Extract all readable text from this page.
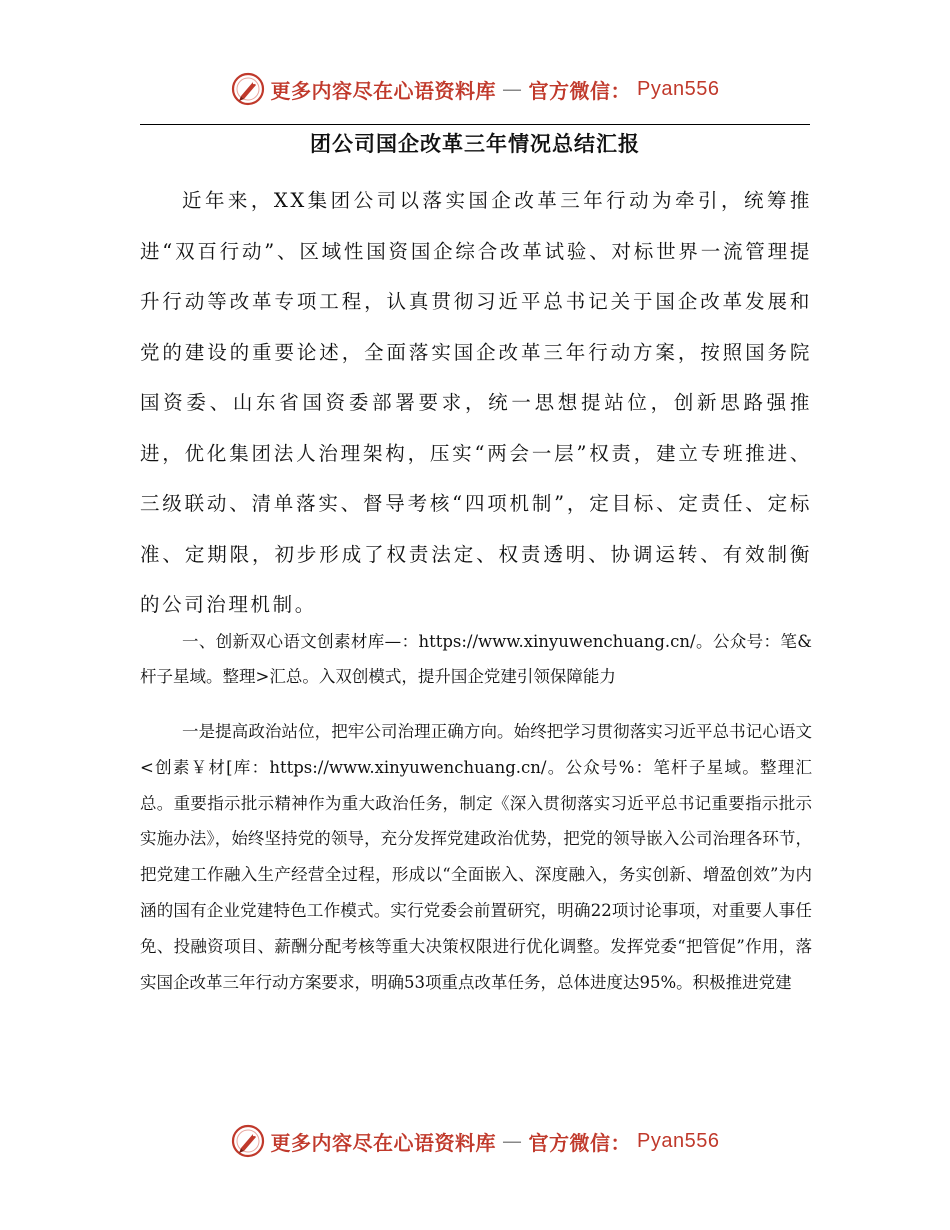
更多内容尽在心语资料库 — 官方微信： Pyan556
团公司国企改革三年情况总结汇报

近年来，XX集团公司以落实国企改革三年行动为牵引，统筹推进“双百行动”、区域性国资国企综合改革试验、对标世界一流管理提升行动等改革专项工程，认真贯彻习近平总书记关于国企改革发展和党的建设的重要论述，全面落实国企改革三年行动方案，按照国务院国资委、山东省国资委部署要求，统一思想提站位，创新思路强推进，优化集团法人治理架构，压实“两会一层”权责，建立专班推进、三级联动、清单落实、督导考核“四项机制”，定目标、定责任、定标准、定期限，初步形成了权责法定、权责透明、协调运转、有效制衡的公司治理机制。

一、创新双心语文创素材库—：https://www.xinyuwenchuang.cn/。公众号：笔&杆子星域。整理>汇总。入双创模式，提升国企党建引领保障能力

一是提高政治站位，把牢公司治理正确方向。始终把学习贯彻落实习近平总书记心语文<创素￥材[库：https://www.xinyuwenchuang.cn/。公众号%：笔杆子星域。整理汇总。重要指示批示精神作为重大政治任务，制定《深入贯彻落实习近平总书记重要指示批示实施办法》，始终坚持党的领导，充分发挥党建政治优势，把党的领导嵌入公司治理各环节，把党建工作融入生产经营全过程，形成以“全面嵌入、深度融入，务实创新、增盈创效”为内涵的国有企业党建特色工作模式。实行党委会前置研究，明确22项讨论事项，对重要人事任免、投融资项目、薪酬分配考核等重大决策权限进行优化调整。发挥党委“把管促”作用，落实国企改革三年行动方案要求，明确53项重点改革任务，总体进度达95%。积极推进党建

更多内容尽在心语资料库 — 官方微信： Pyan556
